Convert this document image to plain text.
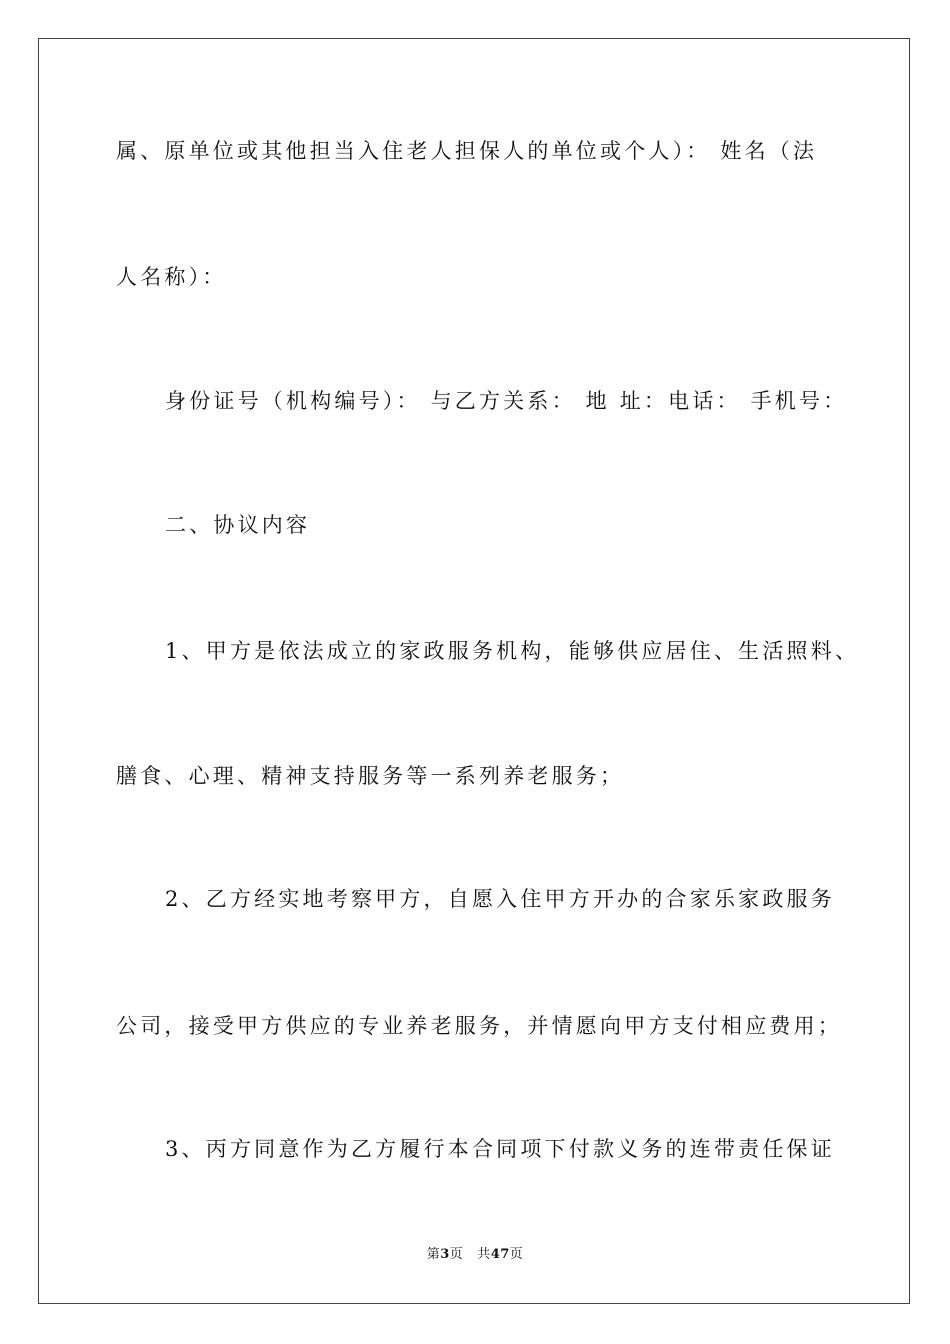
属、原单位或其他担当入住老人担保人的单位或个人）： 姓名（法
人名称）：
身份证号（机构编号）： 与乙方关系： 地 址：电话： 手机号：
二、协议内容
1、甲方是依法成立的家政服务机构，能够供应居住、生活照料、
膳食、心理、精神支持服务等一系列养老服务；
2、乙方经实地考察甲方，自愿入住甲方开办的合家乐家政服务
公司，接受甲方供应的专业养老服务，并情愿向甲方支付相应费用；
3、丙方同意作为乙方履行本合同项下付款义务的连带责任保证
第3页 共47页
